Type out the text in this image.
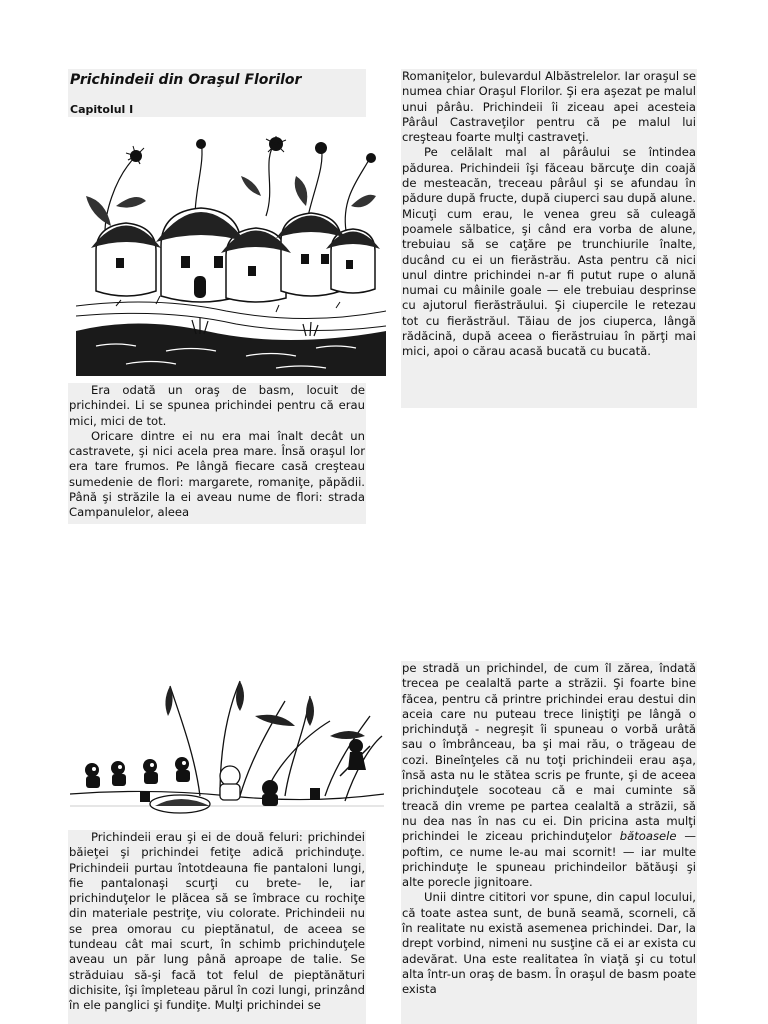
Prichindeii din Oraşul Florilor
Capitolul I

Era odată un oraş de basm, locuit de prichindei. Li se spunea prichindei pentru că erau mici, mici de tot.

Oricare dintre ei nu era mai înalt decât un castravete, şi nici acela prea mare. Însă oraşul lor era tare frumos. Pe lângă fiecare casă creşteau sumedenie de flori: margarete, romaniţe, păpădii. Până şi străzile la ei aveau nume de flori: strada Campanulelor, aleea

Romaniţelor, bulevardul Albăstrelelor. Iar oraşul se numea chiar Oraşul Florilor. Şi era aşezat pe malul unui pârâu. Prichindeii îi ziceau apei acesteia Pârâul Castraveţilor pentru că pe malul lui creşteau foarte mulţi castraveţi.

Pe celălalt mal al pârâului se întindea pădurea. Prichindeii îşi făceau bărcuţe din coajă de mesteacăn, treceau pârâul şi se afundau în pădure după fructe, după ciuperci sau după alune. Micuţi cum erau, le venea greu să culeagă poamele sălbatice, şi când era vorba de alune, trebuiau să se caţăre pe trunchiurile înalte, ducând cu ei un fierăstrău. Asta pentru că nici unul dintre prichindei n-ar fi putut rupe o alună numai cu mâinile goale — ele trebuiau desprinse cu ajutorul fierăstrăului. Şi ciupercile le retezau tot cu fierăstrăul. Tăiau de jos ciuperca, lângă rădăcină, după aceea o fierăstruiau în părţi mai mici, apoi o cărau acasă bucată cu bucată.

Prichindeii erau şi ei de două feluri: prichindei băieţei şi prichindei fetiţe adică prichinduţe. Prichindeii purtau întotdeauna fie pantaloni lungi, fie pantalonaşi scurţi cu brete- le, iar prichinduţelor le plăcea să se îmbrace cu rochiţe din materiale pestriţe, viu colorate. Prichindeii nu se prea omorau cu pieptănatul, de aceea se tundeau cât mai scurt, în schimb prichinduţele aveau un păr lung până aproape de talie. Se străduiau să-şi facă tot felul de pieptănături dichisite, îşi împleteau părul în cozi lungi, prinzând în ele panglici şi fundiţe. Mulţi prichindei se

pe stradă un prichindel, de cum îl zărea, îndată trecea pe cealaltă parte a străzii. Şi foarte bine făcea, pentru că printre prichindei erau destui din aceia care nu puteau trece liniştiţi pe lângă o prichinduţă - negreşit îi spuneau o vorbă urâtă sau o îmbrânceau, ba şi mai rău, o trăgeau de cozi. Bineînţeles că nu toţi prichindeii erau aşa, însă asta nu le stătea scris pe frunte, şi de aceea prichinduţele socoteau că e mai cuminte să treacă din vreme pe partea cealaltă a străzii, să nu dea nas în nas cu ei. Din pricina asta mulţi prichindei le ziceau prichinduţelor bătoasele — poftim, ce nume le-au mai scornit! — iar multe prichinduţe le spuneau prichindeilor bătăuşi şi alte porecle jignitoare.

Unii dintre cititori vor spune, din capul locului, că toate astea sunt, de bună seamă, scorneli, că în realitate nu există asemenea prichindei. Dar, la drept vorbind, nimeni nu susţine că ei ar exista cu adevărat. Una este realitatea în viaţă şi cu totul alta într-un oraş de basm. În oraşul de basm poate exista
